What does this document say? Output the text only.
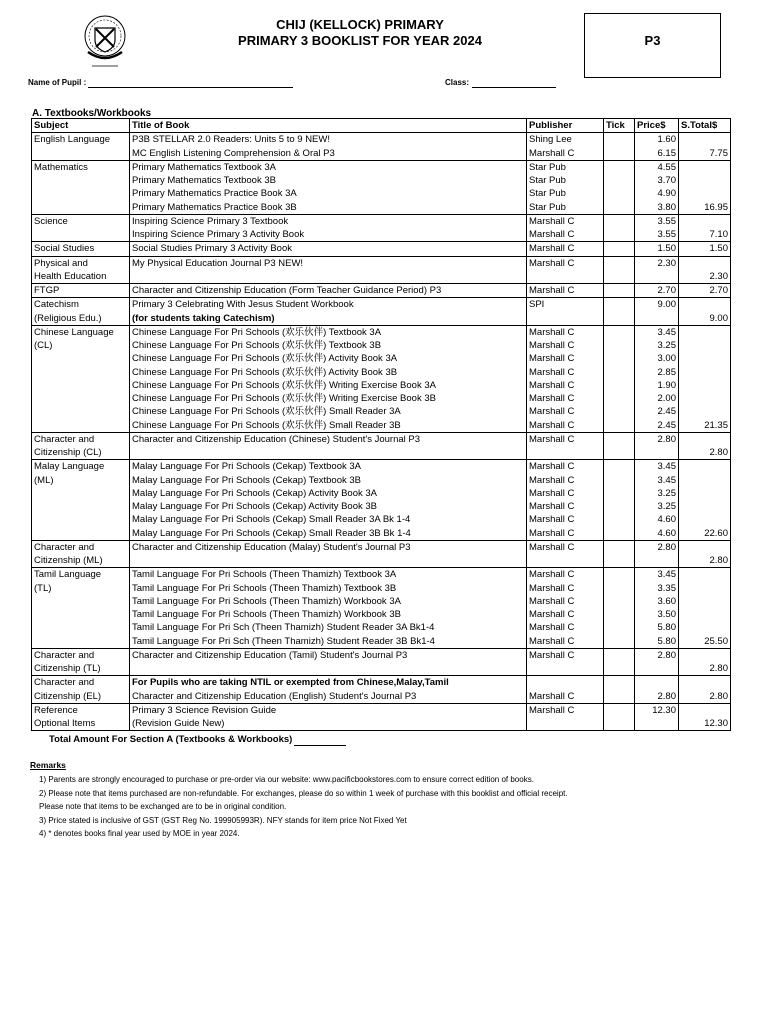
CHIJ (KELLOCK) PRIMARY
PRIMARY 3 BOOKLIST FOR YEAR 2024	P3
Name of Pupil :	Class:
A. Textbooks/Workbooks
Subject	Title of Book	Publisher	Tick	Price$	S.Total$
English Language	P3B STELLAR 2.0 Readers: Units 5 to 9 NEW!	Shing Lee		1.60	
	MC English Listening Comprehension & Oral P3	Marshall C		6.15	7.75
Mathematics	Primary Mathematics Textbook 3A	Star Pub		4.55	
	Primary Mathematics Textbook 3B	Star Pub		3.70	
	Primary Mathematics Practice Book 3A	Star Pub		4.90	
	Primary Mathematics Practice Book 3B	Star Pub		3.80	16.95
Science	Inspiring Science Primary 3 Textbook	Marshall C		3.55	
	Inspiring Science Primary 3 Activity Book	Marshall C		3.55	7.10
Social Studies	Social Studies Primary 3 Activity Book	Marshall C		1.50	1.50
Physical and	My Physical Education Journal P3 NEW!	Marshall C		2.30	
Health Education					2.30
FTGP	Character and Citizenship Education (Form Teacher Guidance Period) P3	Marshall C		2.70	2.70
Catechism	Primary 3 Celebrating With Jesus Student Workbook	SPI		9.00	
(Religious Edu.)	(for students taking Catechism)				9.00
Chinese Language	Chinese Language For Pri Schools (欢乐伙伴) Textbook 3A	Marshall C		3.45	
(CL)	Chinese Language For Pri Schools (欢乐伙伴) Textbook 3B	Marshall C		3.25	
	Chinese Language For Pri Schools (欢乐伙伴) Activity Book 3A	Marshall C		3.00	
	Chinese Language For Pri Schools (欢乐伙伴) Activity Book 3B	Marshall C		2.85	
	Chinese Language For Pri Schools (欢乐伙伴) Writing Exercise Book 3A	Marshall C		1.90	
	Chinese Language For Pri Schools (欢乐伙伴) Writing Exercise Book 3B	Marshall C		2.00	
	Chinese Language For Pri Schools (欢乐伙伴) Small Reader 3A	Marshall C		2.45	
	Chinese Language For Pri Schools (欢乐伙伴) Small Reader 3B	Marshall C		2.45	21.35
Character and	Character and Citizenship Education (Chinese) Student's Journal P3	Marshall C		2.80	
Citizenship (CL)					2.80
Malay Language	Malay Language For Pri Schools (Cekap) Textbook 3A	Marshall C		3.45	
(ML)	Malay Language For Pri Schools (Cekap) Textbook 3B	Marshall C		3.45	
	Malay Language For Pri Schools (Cekap) Activity Book 3A	Marshall C		3.25	
	Malay Language For Pri Schools (Cekap) Activity Book 3B	Marshall C		3.25	
	Malay Language For Pri Schools (Cekap) Small Reader 3A Bk 1-4	Marshall C		4.60	
	Malay Language For Pri Schools (Cekap) Small Reader 3B Bk 1-4	Marshall C		4.60	22.60
Character and	Character and Citizenship Education (Malay) Student's Journal P3	Marshall C		2.80	
Citizenship (ML)					2.80
Tamil Language	Tamil Language For Pri Schools (Theen Thamizh) Textbook 3A	Marshall C		3.45	
(TL)	Tamil Language For Pri Schools (Theen Thamizh) Textbook 3B	Marshall C		3.35	
	Tamil Language For Pri Schools (Theen Thamizh) Workbook 3A	Marshall C		3.60	
	Tamil Language For Pri Schools (Theen Thamizh) Workbook 3B	Marshall C		3.50	
	Tamil Language For Pri Sch (Theen Thamizh) Student Reader 3A Bk1-4	Marshall C		5.80	
	Tamil Language For Pri Sch (Theen Thamizh) Student Reader 3B Bk1-4	Marshall C		5.80	25.50
Character and	Character and Citizenship Education (Tamil) Student's Journal P3	Marshall C		2.80	
Citizenship (TL)					2.80
Character and	For Pupils who are taking NTIL or exempted from Chinese,Malay,Tamil				
Citizenship (EL)	Character and Citizenship Education (English) Student's Journal P3	Marshall C		2.80	2.80
Reference	Primary 3 Science Revision Guide	Marshall C		12.30	
Optional Items	(Revision Guide New)				12.30
Total Amount For Section A (Textbooks & Workbooks)
Remarks
1) Parents are strongly encouraged to purchase or pre-order via our website: www.pacificbookstores.com to ensure correct edition of books.
2) Please note that items purchased are non-refundable. For exchanges, please do so within 1 week of purchase with this booklist and official receipt.
Please note that items to be exchanged are to be in original condition.
3) Price stated is inclusive of GST (GST Reg No. 199905993R). NFY stands for item price Not Fixed Yet
4) * denotes books final year used by MOE in year 2024.
